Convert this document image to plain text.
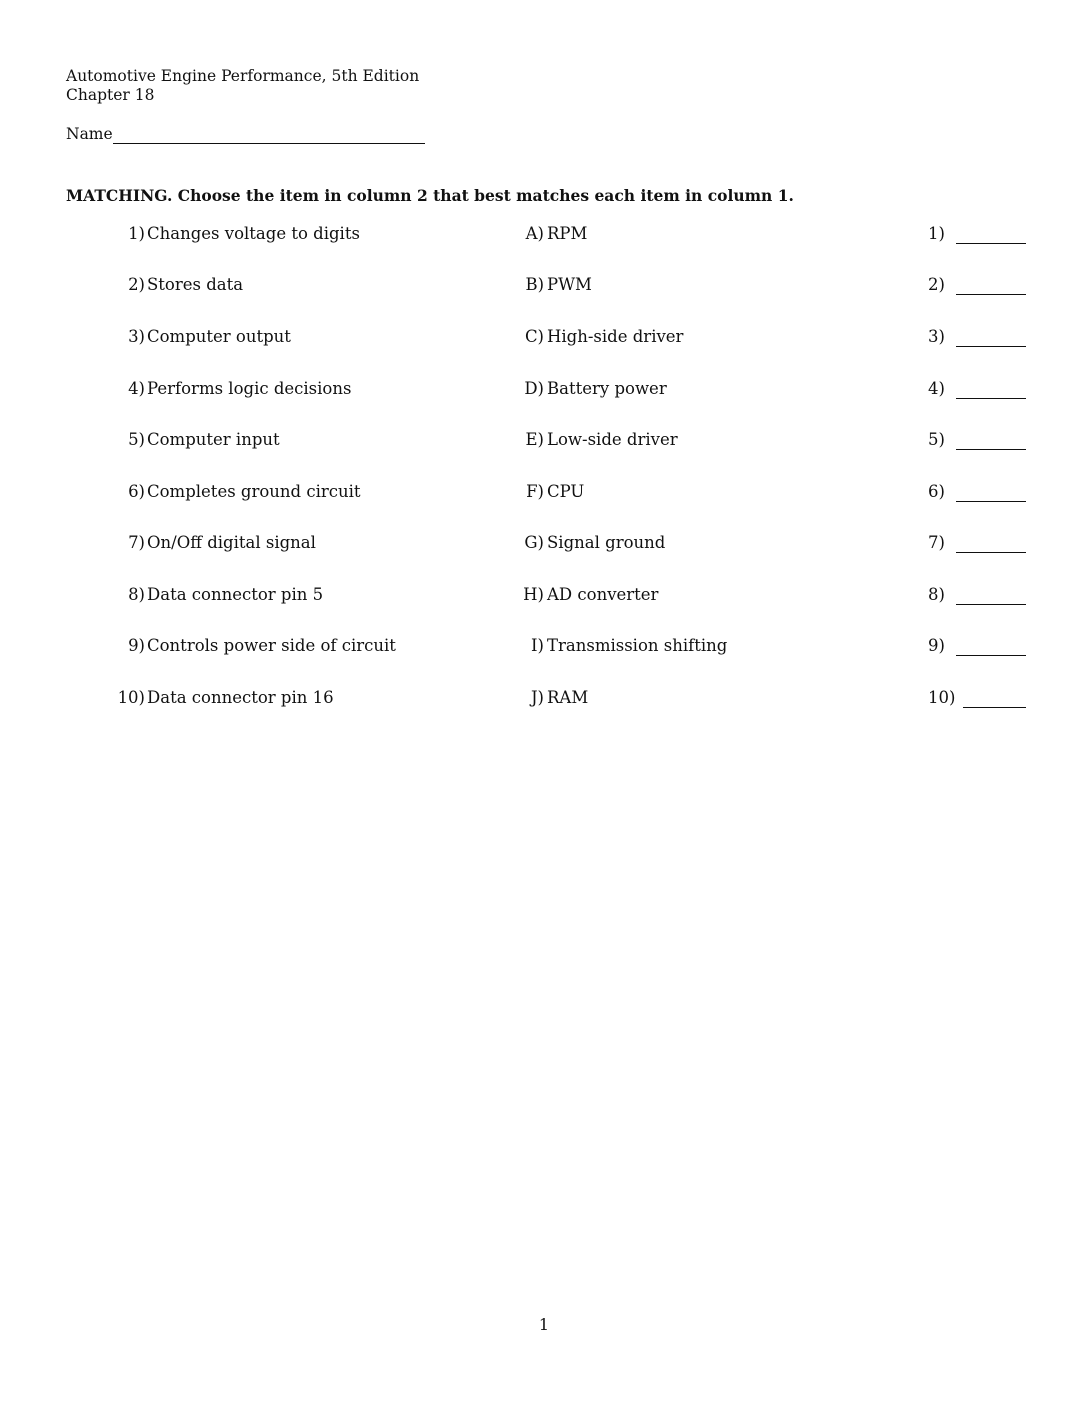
Automotive Engine Performance, 5th Edition
Chapter 18
Name
MATCHING. Choose the item in column 2 that best matches each item in column 1.
1) Changes voltage to digits	A) RPM	1)
2) Stores data	B) PWM	2)
3) Computer output	C) High-side driver	3)
4) Performs logic decisions	D) Battery power	4)
5) Computer input	E) Low-side driver	5)
6) Completes ground circuit	F) CPU	6)
7) On/Off digital signal	G) Signal ground	7)
8) Data connector pin 5	H) AD converter	8)
9) Controls power side of circuit	I) Transmission shifting	9)
10) Data connector pin 16	J) RAM	10)
1
